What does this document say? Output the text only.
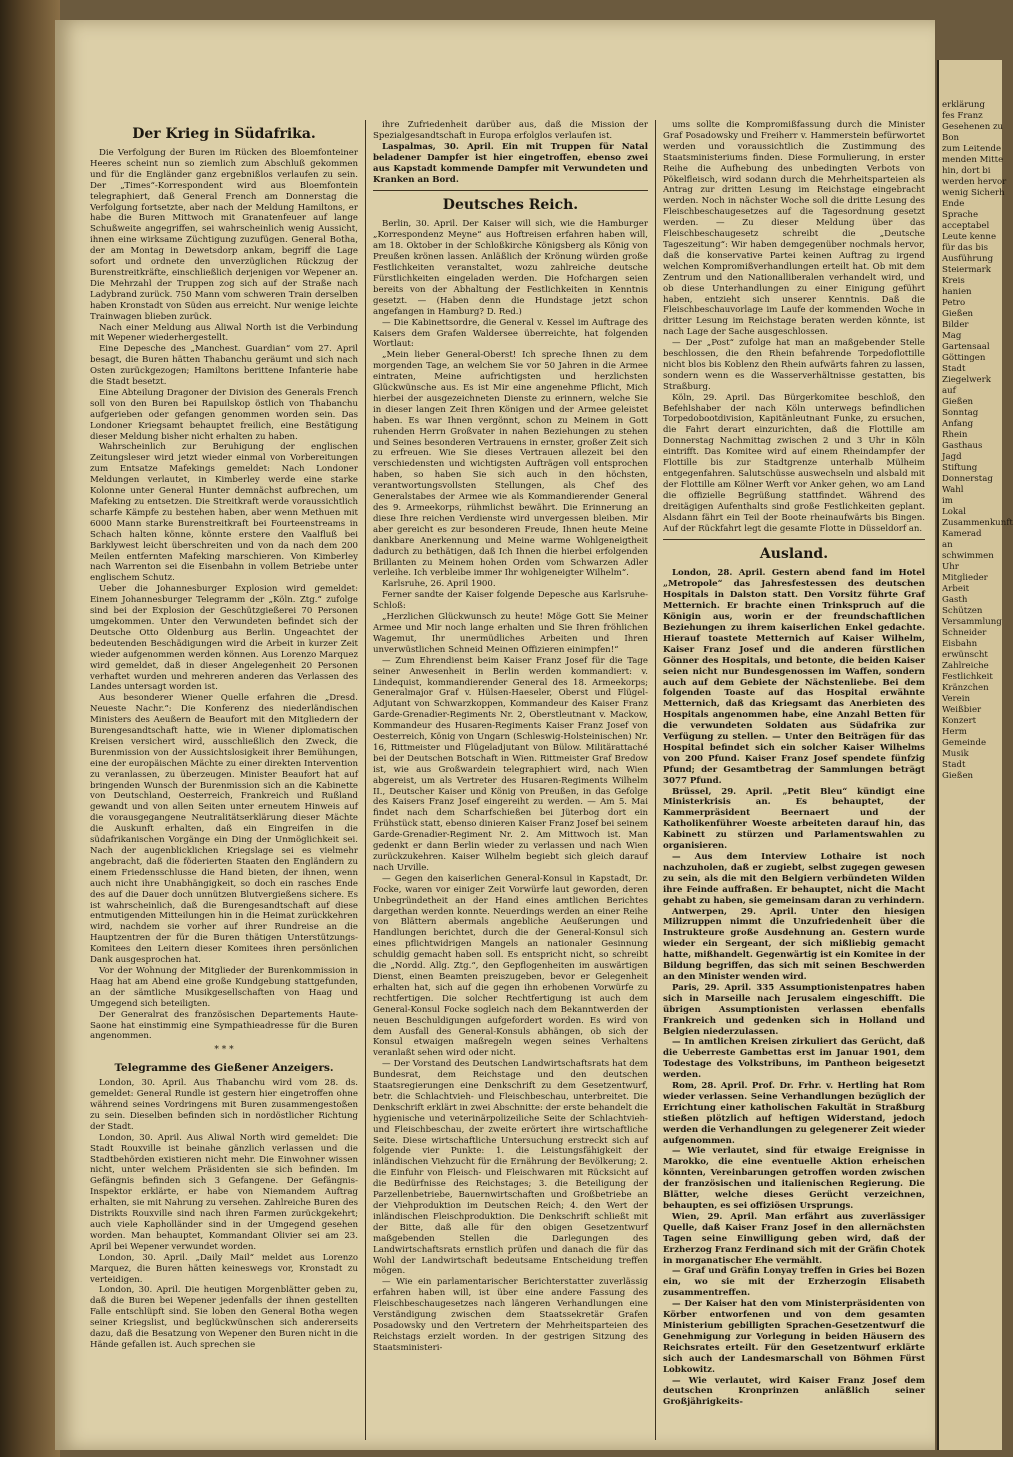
Der Krieg in Südafrika.

Die Verfolgung der Buren im Rücken des Bloemfonteiner Heeres scheint nun so ziemlich zum Abschluß gekommen und für die Engländer ganz ergebnißlos verlaufen zu sein. Der „Times“-Korrespondent wird aus Bloemfontein telegraphiert, daß General French am Donnerstag die Verfolgung fortsetzte, aber nach der Meldung Hamiltons, er habe die Buren Mittwoch mit Granatenfeuer auf lange Schußweite angegriffen, sei wahrscheinlich wenig Aussicht, ihnen eine wirksame Züchtigung zuzufügen. General Botha, der am Montag in Dewetsdorp ankam, begriff die Lage sofort und ordnete den unverzüglichen Rückzug der Burenstreitkräfte, einschließlich derjenigen vor Wepener an. Die Mehrzahl der Truppen zog sich auf der Straße nach Ladybrand zurück. 750 Mann vom schweren Train derselben haben Kronstadt von Süden aus erreicht. Nur wenige leichte Trainwagen blieben zurück.

Nach einer Meldung aus Aliwal North ist die Verbindung mit Wepener wiederhergestellt.

Eine Depesche des „Manchest. Guardian“ vom 27. April besagt, die Buren hätten Thabanchu geräumt und sich nach Osten zurückgezogen; Hamiltons berittene Infanterie habe die Stadt besetzt.

Eine Abteilung Dragoner der Division des Generals French soll von den Buren bei Rapuilskop östlich von Thabanchu aufgerieben oder gefangen genommen worden sein. Das Londoner Kriegsamt behauptet freilich, eine Bestätigung dieser Meldung bisher nicht erhalten zu haben.

Wahrscheinlich zur Beruhigung der englischen Zeitungsleser wird jetzt wieder einmal von Vorbereitungen zum Entsatze Mafekings gemeldet: Nach Londoner Meldungen verlautet, in Kimberley werde eine starke Kolonne unter General Hunter demnächst aufbrechen, um Mafeking zu entsetzen. Die Streitkraft werde voraussichtlich scharfe Kämpfe zu bestehen haben, aber wenn Methuen mit 6000 Mann starke Burenstreitkraft bei Fourteenstreams in Schach halten könne, könnte erstere den Vaalfluß bei Barklywest leicht überschreiten und von da nach dem 200 Meilen entfernten Mafeking marschieren. Von Kimberley nach Warrenton sei die Eisenbahn in vollem Betriebe unter englischem Schutz.

Ueber die Johannesburger Explosion wird gemeldet: Einem Johannesburger Telegramm der „Köln. Ztg.“ zufolge sind bei der Explosion der Geschützgießerei 70 Personen umgekommen. Unter den Verwundeten befindet sich der Deutsche Otto Oldenburg aus Berlin. Ungeachtet der bedeutenden Beschädigungen wird die Arbeit in kurzer Zeit wieder aufgenommen werden können. Aus Lorenzo Marquez wird gemeldet, daß in dieser Angelegenheit 20 Personen verhaftet wurden und mehreren anderen das Verlassen des Landes untersagt worden ist.

Aus besonderer Wiener Quelle erfahren die „Dresd. Neueste Nachr.“: Die Konferenz des niederländischen Ministers des Aeußern de Beaufort mit den Mitgliedern der Burengesandtschaft hatte, wie in Wiener diplomatischen Kreisen versichert wird, ausschließlich den Zweck, die Burenmission von der Aussichtslosigkeit ihrer Bemühungen, eine der europäischen Mächte zu einer direkten Intervention zu veranlassen, zu überzeugen. Minister Beaufort hat auf bringenden Wunsch der Burenmission sich an die Kabinette von Deutschland, Oesterreich, Frankreich und Rußland gewandt und von allen Seiten unter erneutem Hinweis auf die vorausgegangene Neutralitätserklärung dieser Mächte die Auskunft erhalten, daß ein Eingreifen in die südafrikanischen Vorgänge ein Ding der Unmöglichkeit sei. Nach der augenblicklichen Kriegslage sei es vielmehr angebracht, daß die föderierten Staaten den Engländern zu einem Friedensschlusse die Hand bieten, der ihnen, wenn auch nicht ihre Unabhängigkeit, so doch ein rasches Ende des auf die Dauer doch unnützen Blutvergießens sichere. Es ist wahrscheinlich, daß die Burengesandtschaft auf diese entmutigenden Mitteilungen hin in die Heimat zurückkehren wird, nachdem sie vorher auf ihrer Rundreise an die Hauptzentren der für die Buren thätigen Unterstützungs-Komitees den Leitern dieser Komitees ihren persönlichen Dank ausgesprochen hat.

Vor der Wohnung der Mitglieder der Burenkommission in Haag hat am Abend eine große Kundgebung stattgefunden, an der sämtliche Musikgesellschaften von Haag und Umgegend sich beteiligten.

Der Generalrat des französischen Departements Haute-Saone hat einstimmig eine Sympathieadresse für die Buren angenommen.

* * *
Telegramme des Gießener Anzeigers.

London, 30. April. Aus Thabanchu wird vom 28. ds. gemeldet: General Rundle ist gestern hier eingetroffen ohne während seines Vordringens mit Buren zusammengestoßen zu sein. Dieselben befinden sich in nordöstlicher Richtung der Stadt.

London, 30. April. Aus Aliwal North wird gemeldet: Die Stadt Rouxville ist beinahe gänzlich verlassen und die Stadtbehörden existieren nicht mehr. Die Einwohner wissen nicht, unter welchem Präsidenten sie sich befinden. Im Gefängnis befinden sich 3 Gefangene. Der Gefängnis-Inspektor erklärte, er habe von Niemandem Auftrag erhalten, sie mit Nahrung zu versehen. Zahlreiche Buren des Distrikts Rouxville sind nach ihren Farmen zurückgekehrt; auch viele Kapholländer sind in der Umgegend gesehen worden. Man behauptet, Kommandant Olivier sei am 23. April bei Wepener verwundet worden.

London, 30. April. „Daily Mail“ meldet aus Lorenzo Marquez, die Buren hätten keineswegs vor, Kronstadt zu verteidigen.

London, 30. April. Die heutigen Morgenblätter geben zu, daß die Buren bei Wepener jedenfalls der ihnen gestellten Falle entschlüpft sind. Sie loben den General Botha wegen seiner Kriegslist, und beglückwünschen sich andererseits dazu, daß die Besatzung von Wepener den Buren nicht in die Hände gefallen ist. Auch sprechen sie

ihre Zufriedenheit darüber aus, daß die Mission der Spezialgesandtschaft in Europa erfolglos verlaufen ist.

Laspalmas, 30. April. Ein mit Truppen für Natal beladener Dampfer ist hier eingetroffen, ebenso zwei aus Kapstadt kommende Dampfer mit Verwundeten und Kranken an Bord.

Deutsches Reich.

Berlin, 30. April. Der Kaiser will sich, wie die Hamburger „Korrespondenz Meyne“ aus Hoftreisen erfahren haben will, am 18. Oktober in der Schloßkirche Königsberg als König von Preußen krönen lassen. Anläßlich der Krönung würden große Festlichkeiten veranstaltet, wozu zahlreiche deutsche Fürstlichkeiten eingeladen werden. Die Hofchargen seien bereits von der Abhaltung der Festlichkeiten in Kenntnis gesetzt. — (Haben denn die Hundstage jetzt schon angefangen in Hamburg? D. Red.)

— Die Kabinettsordre, die General v. Kessel im Auftrage des Kaisers dem Grafen Waldersee überreichte, hat folgenden Wortlaut:

„Mein lieber General-Oberst! Ich spreche Ihnen zu dem morgenden Tage, an welchem Sie vor 50 Jahren in die Armee eintraten, Meine aufrichtigsten und herzlichsten Glückwünsche aus. Es ist Mir eine angenehme Pflicht, Mich hierbei der ausgezeichneten Dienste zu erinnern, welche Sie in dieser langen Zeit Ihren Königen und der Armee geleistet haben. Es war Ihnen vergönnt, schon zu Meinem in Gott ruhenden Herrn Großvater in nahen Beziehungen zu stehen und Seines besonderen Vertrauens in ernster, großer Zeit sich zu erfreuen. Wie Sie dieses Vertrauen allezeit bei den verschiedensten und wichtigsten Aufträgen voll entsprochen haben, so haben Sie sich auch in den höchsten, verantwortungsvollsten Stellungen, als Chef des Generalstabes der Armee wie als Kommandierender General des 9. Armeekorps, rühmlichst bewährt. Die Erinnerung an diese Ihre reichen Verdienste wird unvergessen bleiben. Mir aber gereicht es zur besonderen Freude, Ihnen heute Meine dankbare Anerkennung und Meine warme Wohlgeneigtheit dadurch zu bethätigen, daß Ich Ihnen die hierbei erfolgenden Brillanten zu Meinem hohen Orden vom Schwarzen Adler verleihe. Ich verbleibe immer Ihr wohlgeneigter Wilhelm“.

Karlsruhe, 26. April 1900.

Ferner sandte der Kaiser folgende Depesche aus Karlsruhe-Schloß:

„Herzlichen Glückwunsch zu heute! Möge Gott Sie Meiner Armee und Mir noch lange erhalten und Sie Ihren fröhlichen Wagemut, Ihr unermüdliches Arbeiten und Ihren unverwüstlichen Schneid Meinen Offizieren einimpfen!“

— Zum Ehrendienst beim Kaiser Franz Josef für die Tage seiner Anwesenheit in Berlin werden kommandiert: v. Lindequist, kommandierender General des 18. Armeekorps; Generalmajor Graf v. Hülsen-Haeseler, Oberst und Flügel-Adjutant von Schwarzkoppen, Kommandeur des Kaiser Franz Garde-Grenadier-Regiments Nr. 2, Oberstleutnant v. Mackow, Kommandeur des Husaren-Regiments Kaiser Franz Josef von Oesterreich, König von Ungarn (Schleswig-Holsteinischen) Nr. 16, Rittmeister und Flügeladjutant von Bülow. Militärattaché bei der Deutschen Botschaft in Wien. Rittmeister Graf Bredow ist, wie aus Großwardein telegraphiert wird, nach Wien abgereist, um als Vertreter des Husaren-Regiments Wilhelm II., Deutscher Kaiser und König von Preußen, in das Gefolge des Kaisers Franz Josef eingereiht zu werden. — Am 5. Mai findet nach dem Scharfschießen bei Jüterbog dort ein Frühstück statt, ebenso dinieren Kaiser Franz Josef bei seinem Garde-Grenadier-Regiment Nr. 2. Am Mittwoch ist. Man gedenkt er dann Berlin wieder zu verlassen und nach Wien zurückzukehren. Kaiser Wilhelm begiebt sich gleich darauf nach Urville.

— Gegen den kaiserlichen General-Konsul in Kapstadt, Dr. Focke, waren vor einiger Zeit Vorwürfe laut geworden, deren Unbegründetheit an der Hand eines amtlichen Berichtes dargethan werden konnte. Neuerdings werden an einer Reihe von Blättern abermals angebliche Aeußerungen und Handlungen berichtet, durch die der General-Konsul sich eines pflichtwidrigen Mangels an nationaler Gesinnung schuldig gemacht haben soll. Es entspricht nicht, so schreibt die „Nordd. Allg. Ztg.“, den Gepflogenheiten im auswärtigen Dienst, einen Beamten preiszugeben, bevor er Gelegenheit erhalten hat, sich auf die gegen ihn erhobenen Vorwürfe zu rechtfertigen. Die solcher Rechtfertigung ist auch dem General-Konsul Focke sogleich nach dem Bekanntwerden der neuen Beschuldigungen aufgefordert worden. Es wird von dem Ausfall des General-Konsuls abhängen, ob sich der Konsul etwaigen maßregeln wegen seines Verhaltens veranlaßt sehen wird oder nicht.

— Der Vorstand des Deutschen Landwirtschaftsrats hat dem Bundesrat, dem Reichstage und den deutschen Staatsregierungen eine Denkschrift zu dem Gesetzentwurf, betr. die Schlachtvieh- und Fleischbeschau, unterbreitet. Die Denkschrift erklärt in zwei Abschnitte: der erste behandelt die hygienische und veterinärpolizeiliche Seite der Schlachtvieh- und Fleischbeschau, der zweite erörtert ihre wirtschaftliche Seite. Diese wirtschaftliche Untersuchung erstreckt sich auf folgende vier Punkte: 1. die Leistungsfähigkeit der inländischen Viehzucht für die Ernährung der Bevölkerung; 2. die Einfuhr von Fleisch- und Fleischwaren mit Rücksicht auf die Bedürfnisse des Reichstages; 3. die Beteiligung der Parzellenbetriebe, Bauernwirtschaften und Großbetriebe an der Viehproduktion im Deutschen Reich; 4. den Wert der inländischen Fleischproduktion. Die Denkschrift schließt mit der Bitte, daß alle für den obigen Gesetzentwurf maßgebenden Stellen die Darlegungen des Landwirtschaftsrats ernstlich prüfen und danach die für das Wohl der Landwirtschaft bedeutsame Entscheidung treffen mögen.

— Wie ein parlamentarischer Berichterstatter zuverlässig erfahren haben will, ist über eine andere Fassung des Fleischbeschaugesetzes nach längeren Verhandlungen eine Verständigung zwischen dem Staatssekretär Grafen Posadowsky und den Vertretern der Mehrheitsparteien des Reichstags erzielt worden. In der gestrigen Sitzung des Staatsministeri-

ums sollte die Kompromißfassung durch die Minister Graf Posadowsky und Freiherr v. Hammerstein befürwortet werden und voraussichtlich die Zustimmung des Staatsministeriums finden. Diese Formulierung, in erster Reihe die Aufhebung des unbedingten Verbots von Pökelfleisch, wird sodann durch die Mehrheitsparteien als Antrag zur dritten Lesung im Reichstage eingebracht werden. Noch in nächster Woche soll die dritte Lesung des Fleischbeschaugesetzes auf die Tagesordnung gesetzt werden. — Zu dieser Meldung über das Fleischbeschaugesetz schreibt die „Deutsche Tageszeitung“: Wir haben demgegenüber nochmals hervor, daß die konservative Partei keinen Auftrag zu irgend welchen Kompromißverhandlungen erteilt hat. Ob mit dem Zentrum und den Nationalliberalen verhandelt wird, und ob diese Unterhandlungen zu einer Einigung geführt haben, entzieht sich unserer Kenntnis. Daß die Fleischbeschauvorlage im Laufe der kommenden Woche in dritter Lesung im Reichstage beraten werden könnte, ist nach Lage der Sache ausgeschlossen.

— Der „Post“ zufolge hat man an maßgebender Stelle beschlossen, die den Rhein befahrende Torpedoflottille nicht blos bis Koblenz den Rhein aufwärts fahren zu lassen, sondern wenn es die Wasserverhältnisse gestatten, bis Straßburg.

Köln, 29. April. Das Bürgerkomitee beschloß, den Befehlshaber der nach Köln unterwegs befindlichen Torpedobootdivision, Kapitänleutnant Funke, zu ersuchen, die Fahrt derart einzurichten, daß die Flottille am Donnerstag Nachmittag zwischen 2 und 3 Uhr in Köln eintrifft. Das Komitee wird auf einem Rheindampfer der Flottille bis zur Stadtgrenze unterhalb Mülheim entgegenfahren. Salutschüsse auswechseln und alsbald mit der Flottille am Kölner Werft vor Anker gehen, wo am Land die offizielle Begrüßung stattfindet. Während des dreitägigen Aufenthalts sind große Festlichkeiten geplant. Alsdann fährt ein Teil der Boote rheinaufwärts bis Bingen. Auf der Rückfahrt legt die gesamte Flotte in Düsseldorf an.

Ausland.

London, 28. April. Gestern abend fand im Hotel „Metropole“ das Jahresfestessen des deutschen Hospitals in Dalston statt. Den Vorsitz führte Graf Metternich. Er brachte einen Trinkspruch auf die Königin aus, worin er der freundschaftlichen Beziehungen zu ihrem kaiserlichen Enkel gedachte. Hierauf toastete Metternich auf Kaiser Wilhelm, Kaiser Franz Josef und die anderen fürstlichen Gönner des Hospitals, und betonte, die beiden Kaiser seien nicht nur Bundesgenossen im Waffen, sondern auch auf dem Gebiete der Nächstenliebe. Bei dem folgenden Toaste auf das Hospital erwähnte Metternich, daß das Kriegsamt das Anerbieten des Hospitals angenommen habe, eine Anzahl Betten für die verwundeten Soldaten aus Südafrika zur Verfügung zu stellen. — Unter den Beiträgen für das Hospital befindet sich ein solcher Kaiser Wilhelms von 200 Pfund. Kaiser Franz Josef spendete fünfzig Pfund; der Gesamtbetrag der Sammlungen beträgt 3077 Pfund.

Brüssel, 29. April. „Petit Bleu“ kündigt eine Ministerkrisis an. Es behauptet, der Kammerpräsident Beernaert und der Katholikenführer Woeste arbeiteten darauf hin, das Kabinett zu stürzen und Parlamentswahlen zu organisieren.

— Aus dem Interview Lothaire ist noch nachzuholen, daß er zugiebt, selbst zugegen gewesen zu sein, als die mit den Belgiern verbündeten Wilden ihre Feinde auffraßen. Er behauptet, nicht die Macht gehabt zu haben, sie gemeinsam daran zu verhindern.

Antwerpen, 29. April. Unter den hiesigen Milizruppen nimmt die Unzufriedenheit über die Instrukteure große Ausdehnung an. Gestern wurde wieder ein Sergeant, der sich mißliebig gemacht hatte, mißhandelt. Gegenwärtig ist ein Komitee in der Bildung begriffen, das sich mit seinen Beschwerden an den Minister wenden wird.

Paris, 29. April. 335 Assumptionistenpatres haben sich in Marseille nach Jerusalem eingeschifft. Die übrigen Assumptionisten verlassen ebenfalls Frankreich und gedenken sich in Holland und Belgien niederzulassen.

— In amtlichen Kreisen zirkuliert das Gerücht, daß die Ueberreste Gambettas erst im Januar 1901, dem Todestage des Volkstribuns, im Pantheon beigesetzt werden.

Rom, 28. April. Prof. Dr. Frhr. v. Hertling hat Rom wieder verlassen. Seine Verhandlungen bezüglich der Errichtung einer katholischen Fakultät in Straßburg stießen plötzlich auf heftigen Widerstand, jedoch werden die Verhandlungen zu gelegenerer Zeit wieder aufgenommen.

— Wie verlautet, sind für etwaige Ereignisse in Marokko, die eine eventuelle Aktion erheischen könnten, Vereinbarungen getroffen worden zwischen der französischen und italienischen Regierung. Die Blätter, welche dieses Gerücht verzeichnen, behaupten, es sei offiziösen Ursprungs.

Wien, 29. April. Man erfährt aus zuverlässiger Quelle, daß Kaiser Franz Josef in den allernächsten Tagen seine Einwilligung geben wird, daß der Erzherzog Franz Ferdinand sich mit der Gräfin Chotek in morganatischer Ehe vermählt.

— Graf und Gräfin Lonyay treffen in Gries bei Bozen ein, wo sie mit der Erzherzogin Elisabeth zusammentreffen.

— Der Kaiser hat den vom Ministerpräsidenten von Körber entworfenen und von dem gesamten Ministerium gebilligten Sprachen-Gesetzentwurf die Genehmigung zur Vorlegung in beiden Häusern des Reichsrates erteilt. Für den Gesetzentwurf erklärte sich auch der Landesmarschall von Böhmen Fürst Lobkowitz.

— Wie verlautet, wird Kaiser Franz Josef dem deutschen Kronprinzen anläßlich seiner Großjährigkeits-

erklärung
fes Franz
Gesehenen zu
Bon
zum Leitende
menden Mitte
hin, dort bi
werden hervor
wenig Sicherh
Ende
Sprache
acceptabel
Leute kenne
für das bis
Ausführung
Steiermark
Kreis
hanien
Petro
Gießen
Bilder
Mag
Gartensaal
Göttingen
Stadt
Ziegelwerk
auf
Gießen
Sonntag
Anfang
Rhein
Gasthaus
Jagd
Stiftung
Donnerstag
Wahl
im
Lokal
Zusammenkunft
Kamerad
an
schwimmen
Uhr
Mitglieder
Arbeit
Gasth
Schützen
Versammlung
Schneider
Eisbahn
erwünscht
Zahlreiche
Festlichkeit
Kränzchen
Verein
Weißbier
Konzert
Herm
Gemeinde
Musik
Stadt
Gießen
